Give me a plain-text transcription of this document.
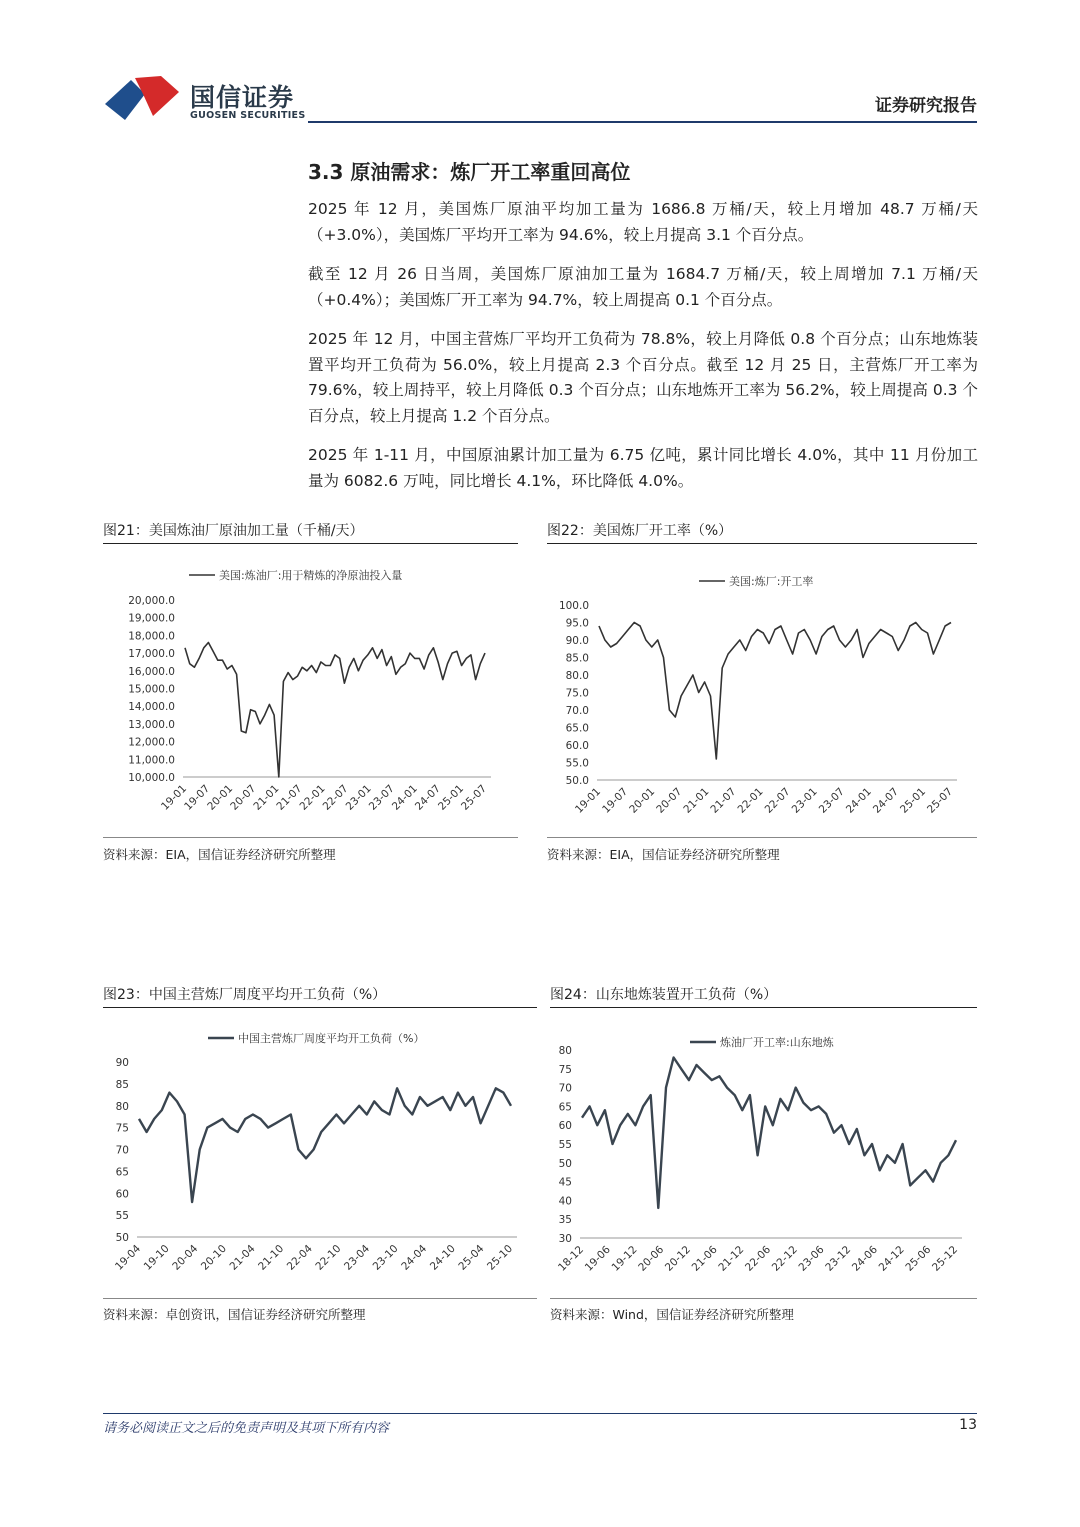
国信证券
GUOSEN SECURITIES	证券研究报告
3.3 原油需求：炼厂开工率重回高位
2025 年 12 月，美国炼厂原油平均加工量为 1686.8 万桶/天，较上月增加 48.7 万桶/天（+3.0%），美国炼厂平均开工率为 94.6%，较上月提高 3.1 个百分点。
截至 12 月 26 日当周，美国炼厂原油加工量为 1684.7 万桶/天，较上周增加 7.1 万桶/天（+0.4%）；美国炼厂开工率为 94.7%，较上周提高 0.1 个百分点。
2025 年 12 月，中国主营炼厂平均开工负荷为 78.8%，较上月降低 0.8 个百分点；山东地炼装置平均开工负荷为 56.0%，较上月提高 2.3 个百分点。截至 12 月 25 日，主营炼厂开工率为 79.6%，较上周持平，较上月降低 0.3 个百分点；山东地炼开工率为 56.2%，较上周提高 0.3 个百分点，较上月提高 1.2 个百分点。
2025 年 1-11 月，中国原油累计加工量为 6.75 亿吨，累计同比增长 4.0%，其中 11 月份加工量为 6082.6 万吨，同比增长 4.1%，环比降低 4.0%。
图21：美国炼油厂原油加工量（千桶/天）
美国:炼油厂:用于精炼的净原油投入量
20,000.0
19,000.0
18,000.0
17,000.0
16,000.0
15,000.0
14,000.0
13,000.0
12,000.0
11,000.0
10,000.0
19-01
19-07
20-01
20-07
21-01
21-07
22-01
22-07
23-01
23-07
24-01
24-07
25-01
25-07
资料来源：EIA，国信证券经济研究所整理
图22：美国炼厂开工率（%）
美国:炼厂:开工率
100.0
95.0
90.0
85.0
80.0
75.0
70.0
65.0
60.0
55.0
50.0
19-01
19-07
20-01
20-07
21-01
21-07
22-01
22-07
23-01
23-07
24-01
24-07
25-01
25-07
资料来源：EIA，国信证券经济研究所整理
图23：中国主营炼厂周度平均开工负荷（%）
中国主营炼厂周度平均开工负荷（%）
90
85
80
75
70
65
60
55
50
19-04
19-10
20-04
20-10
21-04
21-10
22-04
22-10
23-04
23-10
24-04
24-10
25-04
25-10
资料来源：卓创资讯，国信证券经济研究所整理
图24：山东地炼装置开工负荷（%）
炼油厂开工率:山东地炼
80
75
70
65
60
55
50
45
40
35
30
18-12
19-06
19-12
20-06
20-12
21-06
21-12
22-06
22-12
23-06
23-12
24-06
24-12
25-06
25-12
资料来源：Wind，国信证券经济研究所整理
请务必阅读正文之后的免责声明及其项下所有内容	13
